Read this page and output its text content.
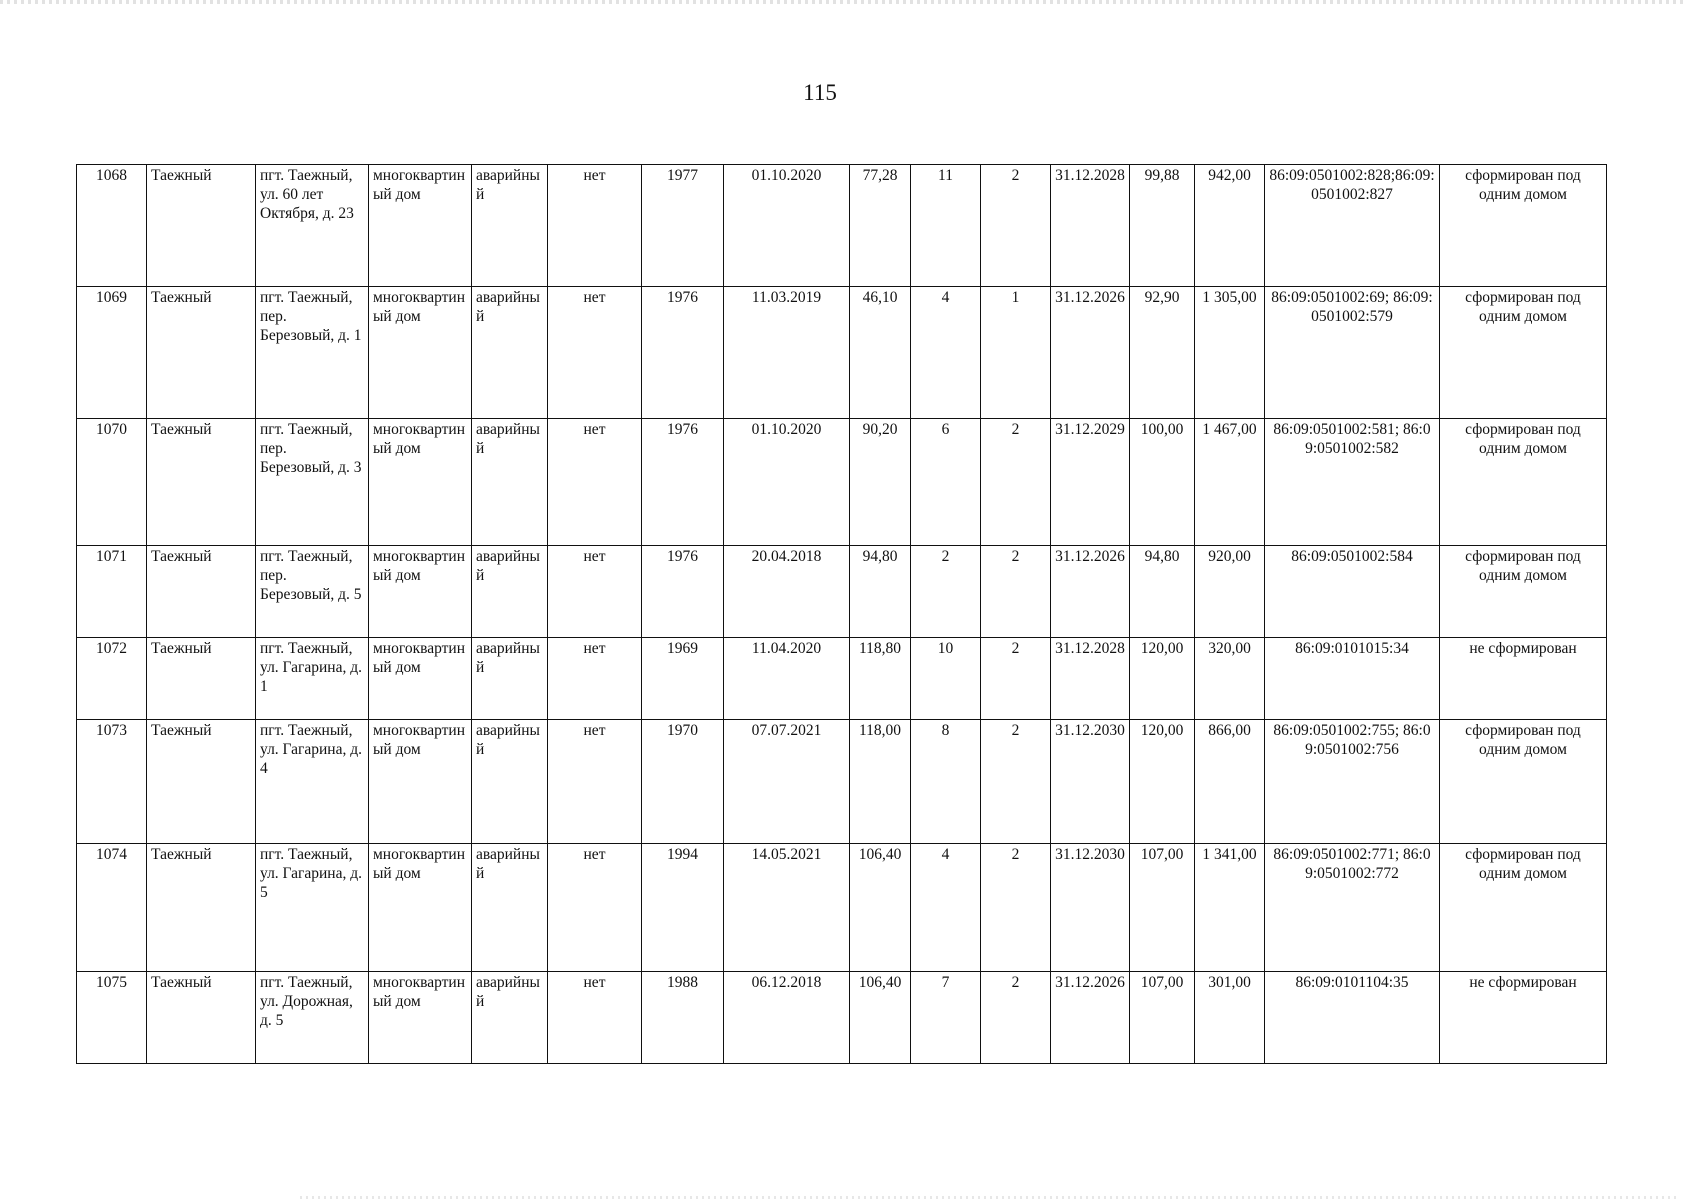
115
1068	Таежный	пгт. Таежный, ул. 60 лет Октября, д. 23	многоквартиный дом	аварийный	нет	1977	01.10.2020	77,28	11	2	31.12.2028	99,88	942,00	86:09:0501002:828;86:09:0501002:827	сформирован под одним домом
1069	Таежный	пгт. Таежный, пер. Березовый, д. 1	многоквартиный дом	аварийный	нет	1976	11.03.2019	46,10	4	1	31.12.2026	92,90	1 305,00	86:09:0501002:69; 86:09:0501002:579	сформирован под одним домом
1070	Таежный	пгт. Таежный, пер. Березовый, д. 3	многоквартиный дом	аварийный	нет	1976	01.10.2020	90,20	6	2	31.12.2029	100,00	1 467,00	86:09:0501002:581; 86:09:0501002:582	сформирован под одним домом
1071	Таежный	пгт. Таежный, пер. Березовый, д. 5	многоквартиный дом	аварийный	нет	1976	20.04.2018	94,80	2	2	31.12.2026	94,80	920,00	86:09:0501002:584	сформирован под одним домом
1072	Таежный	пгт. Таежный, ул. Гагарина, д. 1	многоквартиный дом	аварийный	нет	1969	11.04.2020	118,80	10	2	31.12.2028	120,00	320,00	86:09:0101015:34	не сформирован
1073	Таежный	пгт. Таежный, ул. Гагарина, д. 4	многоквартиный дом	аварийный	нет	1970	07.07.2021	118,00	8	2	31.12.2030	120,00	866,00	86:09:0501002:755; 86:09:0501002:756	сформирован под одним домом
1074	Таежный	пгт. Таежный, ул. Гагарина, д. 5	многоквартиный дом	аварийный	нет	1994	14.05.2021	106,40	4	2	31.12.2030	107,00	1 341,00	86:09:0501002:771; 86:09:0501002:772	сформирован под одним домом
1075	Таежный	пгт. Таежный, ул. Дорожная, д. 5	многоквартиный дом	аварийный	нет	1988	06.12.2018	106,40	7	2	31.12.2026	107,00	301,00	86:09:0101104:35	не сформирован
